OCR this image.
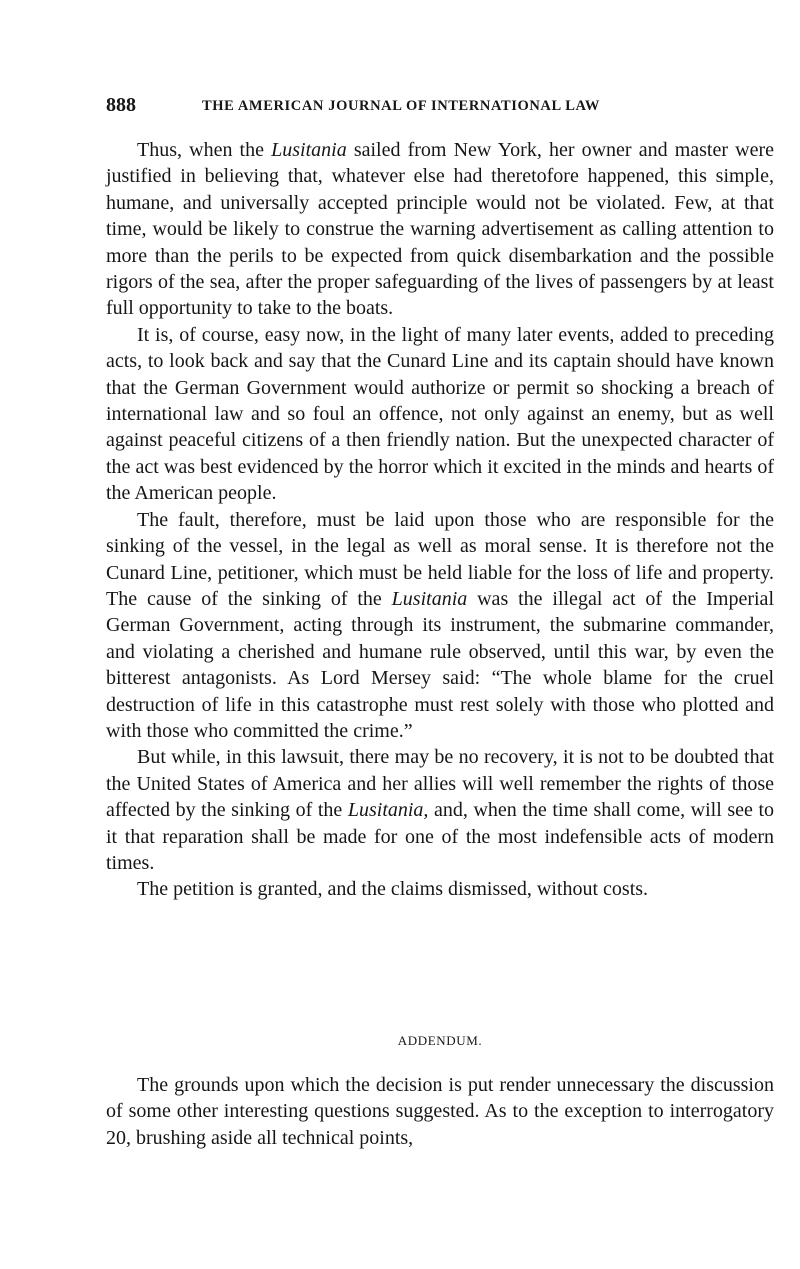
888	THE AMERICAN JOURNAL OF INTERNATIONAL LAW

Thus, when the Lusitania sailed from New York, her owner and master were justified in believing that, whatever else had theretofore happened, this simple, humane, and universally accepted principle would not be violated. Few, at that time, would be likely to construe the warning advertisement as calling attention to more than the perils to be expected from quick disembarkation and the possible rigors of the sea, after the proper safeguarding of the lives of passengers by at least full opportunity to take to the boats.

It is, of course, easy now, in the light of many later events, added to preceding acts, to look back and say that the Cunard Line and its captain should have known that the German Government would authorize or permit so shocking a breach of international law and so foul an offence, not only against an enemy, but as well against peaceful citizens of a then friendly nation. But the unexpected character of the act was best evidenced by the horror which it excited in the minds and hearts of the American people.

The fault, therefore, must be laid upon those who are responsible for the sinking of the vessel, in the legal as well as moral sense. It is therefore not the Cunard Line, petitioner, which must be held liable for the loss of life and property. The cause of the sinking of the Lusitania was the illegal act of the Imperial German Government, acting through its instrument, the submarine commander, and violating a cherished and humane rule observed, until this war, by even the bitterest antagonists. As Lord Mersey said: “The whole blame for the cruel destruction of life in this catastrophe must rest solely with those who plotted and with those who committed the crime.”

But while, in this lawsuit, there may be no recovery, it is not to be doubted that the United States of America and her allies will well remember the rights of those affected by the sinking of the Lusitania, and, when the time shall come, will see to it that reparation shall be made for one of the most indefensible acts of modern times.

The petition is granted, and the claims dismissed, without costs.

ADDENDUM.

The grounds upon which the decision is put render unnecessary the discussion of some other interesting questions suggested. As to the exception to interrogatory 20, brushing aside all technical points,
